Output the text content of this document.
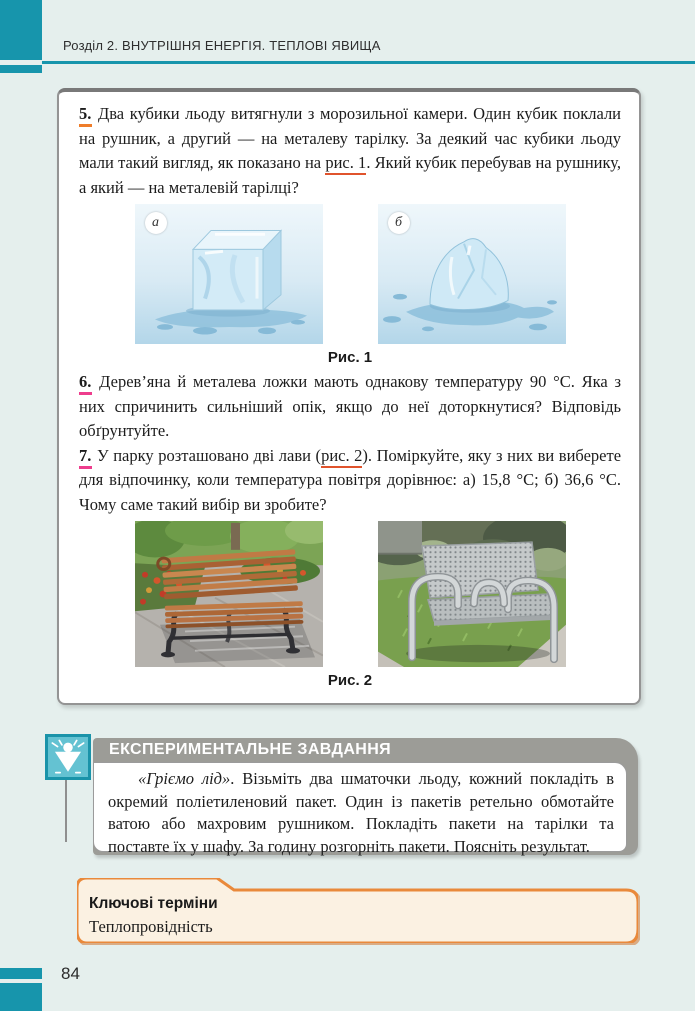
Розділ 2. ВНУТРІШНЯ ЕНЕРГІЯ. ТЕПЛОВІ ЯВИЩА

5. Два кубики льоду витягнули з морозильної камери. Один кубик поклали на рушник, а другий — на металеву тарілку. За деякий час кубики льоду мали такий вигляд, як показано на рис. 1. Який кубик перебував на рушнику, а який — на металевій тарілці?

а	б
Рис. 1

6. Дерев’яна й металева ложки мають однакову температуру 90 °С. Яка з них спричинить сильніший опік, якщо до неї доторкнутися? Відповідь обґрунтуйте.

7. У парку розташовано дві лави (рис. 2). Поміркуйте, яку з них ви виберете для відпочинку, коли температура повітря дорівнює: а) 15,8 °С; б) 36,6 °С. Чому саме такий вибір ви зробите?

Рис. 2
ЕКСПЕРИМЕНТАЛЬНЕ ЗАВДАННЯ

«Гріємо лід». Візьміть два шматочки льоду, кожний покладіть в окремий поліетиленовий пакет. Один із пакетів ретельно обмотайте ватою або махровим рушником. Покладіть пакети на тарілки та поставте їх у шафу. За годину розгорніть пакети. Поясніть результат.

Ключові терміни
Теплопровідність
84
